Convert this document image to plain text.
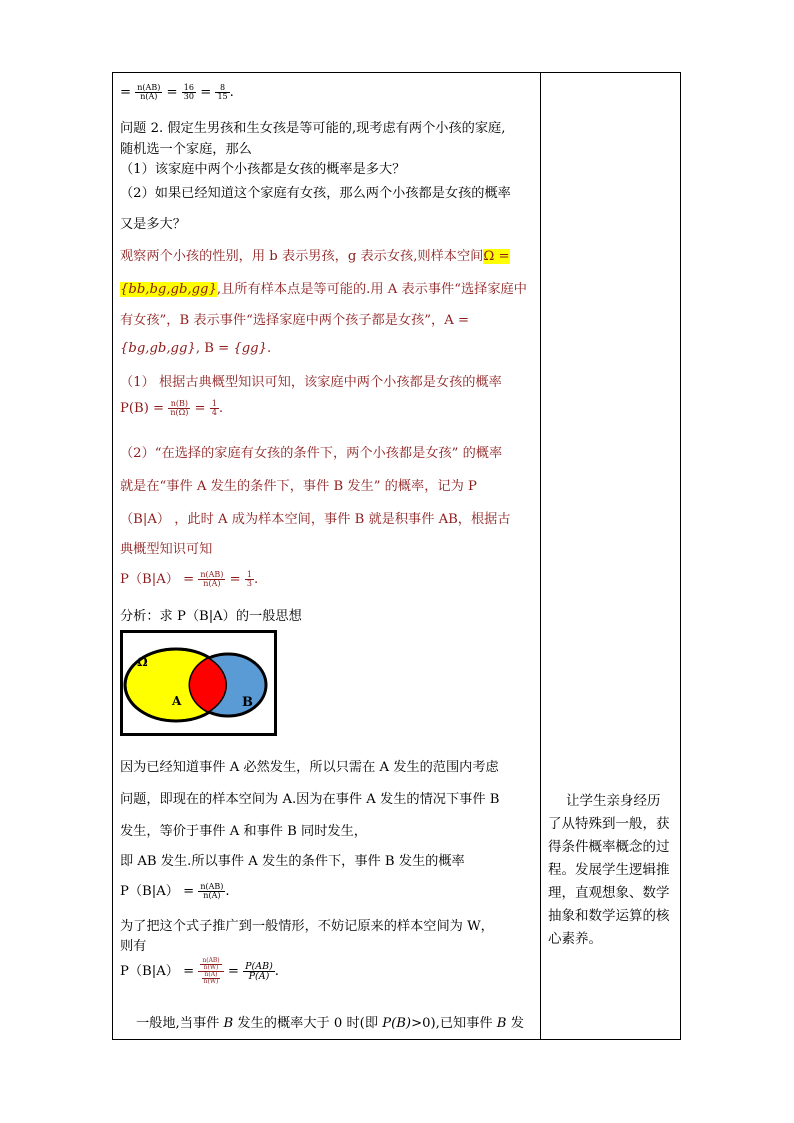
= $\frac{n(AB)}{n(A)} = \frac{16}{30} = \frac{8}{15}$ .
问题 2. 假定生男孩和生女孩是等可能的,现考虑有两个小孩的家庭,
随机选一个家庭，那么
（1）该家庭中两个小孩都是女孩的概率是多大？
（2）如果已经知道这个家庭有女孩，那么两个小孩都是女孩的概率
又是多大？
观察两个小孩的性别，用 b 表示男孩，g 表示女孩,则样本空间Ω =
{bb,bg,gb,gg},且所有样本点是等可能的.用 A 表示事件“选择家庭中
有女孩”，B 表示事件“选择家庭中两个孩子都是女孩”，A =
{bg,gb,gg}, B = {gg}.
（1） 根据古典概型知识可知，该家庭中两个小孩都是女孩的概率
$P(B) = \frac{n(B)}{n(\Omega)} = \frac{1}{4}$ .
（2）“在选择的家庭有女孩的条件下，两个小孩都是女孩” 的概率
就是在“事件 A 发生的条件下，事件 B 发生” 的概率，记为 P
（B|A） ，此时 A 成为样本空间，事件 B 就是积事件 AB，根据古
典概型知识可知
$P(B|A) = \frac{n(AB)}{n(A)} = \frac{1}{3}$ .
分析：求 P（B|A）的一般思想
Ω
A	B
因为已经知道事件 A 必然发生，所以只需在 A 发生的范围内考虑
问题，即现在的样本空间为 A.因为在事件 A 发生的情况下事件 B
发生，等价于事件 A 和事件 B 同时发生，
即 AB 发生.所以事件 A 发生的条件下，事件 B 发生的概率
$P(B|A) = \frac{n(AB)}{n(A)}$ .
为了把这个式子推广到一般情形，不妨记原来的样本空间为 W，
则有
$P(B|A) = \frac{\frac{n(AB)}{n(W)}}{\frac{n(A)}{n(W)}} = \frac{P(AB)}{P(A)}$ .
一般地,当事件 B 发生的概率大于 0 时(即 P(B)>0),已知事件 B 发
让学生亲身经历了从特殊到一般，获得条件概率概念的过程。发展学生逻辑推理，直观想象、数学抽象和数学运算的核心素养。
